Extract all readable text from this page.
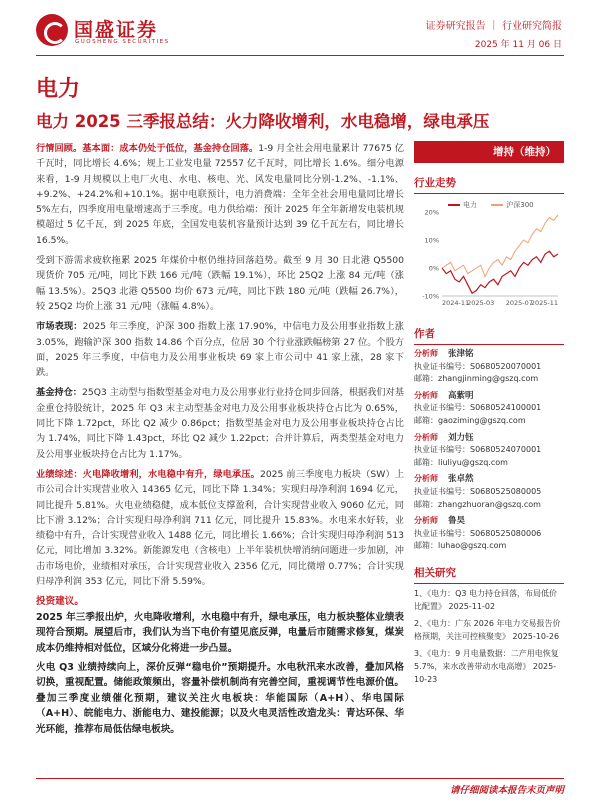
国盛证券
GUOSHENG SECURITIES
证券研究报告 ｜ 行业研究简报
2025 年 11 月 06 日
电力
电力 2025 三季报总结：火力降收增利，水电稳增，绿电承压

行情回顾。基本面：成本仍处于低位，基金持仓回落。1-9 月全社会用电量累计 77675 亿千瓦时，同比增长 4.6%；规上工业发电量 72557 亿千瓦时，同比增长 1.6%。细分电源来看，1-9 月规模以上电厂火电、水电、核电、光、风发电量同比分别-1.2%、-1.1%、+9.2%、+24.2%和+10.1%。据中电联预计，电力消费端：全年全社会用电量同比增长 5%左右，四季度用电量增速高于三季度。电力供给端：预计 2025 年全年新增发电装机规模超过 5 亿千瓦，到 2025 年底，全国发电装机容量预计达到 39 亿千瓦左右，同比增长 16.5%。

受到下游需求疲软拖累 2025 年煤价中枢仍维持回落趋势。截至 9 月 30 日北港 Q5500 现货价 705 元/吨，同比下跌 166 元/吨（跌幅 19.1%），环比 25Q2 上涨 84 元/吨（涨幅 13.5%）。25Q3 北港 Q5500 均价 673 元/吨，同比下跌 180 元/吨（跌幅 26.7%），较 25Q2 均价上涨 31 元/吨（涨幅 4.8%）。

市场表现：2025 年三季度，沪深 300 指数上涨 17.90%，中信电力及公用事业指数上涨 3.05%，跑输沪深 300 指数 14.86 个百分点，位居 30 个行业涨跌幅榜第 27 位。个股方面，2025 年三季度，中信电力及公用事业板块 69 家上市公司中 41 家上涨，28 家下跌。

基金持仓：25Q3 主动型与指数型基金对电力及公用事业行业持仓同步回落，根据我们对基金重仓持股统计，2025 年 Q3 末主动型基金对电力及公用事业板块持仓占比为 0.65%，同比下降 1.72pct，环比 Q2 减少 0.86pct；指数型基金对电力及公用事业板块持仓占比为 1.74%，同比下降 1.43pct，环比 Q2 减少 1.22pct；合并计算后，两类型基金对电力及公用事业板块持仓占比为 1.17%。

业绩综述：火电降收增利，水电稳中有升，绿电承压。2025 前三季度电力板块（SW）上市公司合计实现营业收入 14365 亿元，同比下降 1.34%；实现归母净利润 1694 亿元，同比提升 5.81%。火电业绩稳健，成本低位支撑盈利，合计实现营业收入 9060 亿元，同比下滑 3.12%；合计实现归母净利润 711 亿元，同比提升 15.83%。水电来水好转，业绩稳中有升，合计实现营业收入 1488 亿元，同比增长 1.66%；合计实现归母净利润 513 亿元，同比增加 3.32%。新能源发电（含核电）上半年装机快增消纳问题进一步加剧，冲击市场电价，业绩相对承压，合计实现营业收入 2356 亿元，同比微增 0.77%；合计实现归母净利润 353 亿元，同比下滑 5.59%。

投资建议。
2025 年三季报出炉，火电降收增利，水电稳中有升，绿电承压，电力板块整体业绩表现符合预期。展望后市，我们认为当下电价有望见底反弹，电量后市随需求修复，煤炭成本仍维持相对低位，区域分化将进一步凸显。

火电 Q3 业绩持续向上，深价反弹“稳电价”预期提升。水电秋汛来水改善，叠加风格切换，重视配置。储能政策频出，容量补偿机制尚有完善空间，重视调节性电源价值。叠加三季度业绩催化预期，建议关注火电板块：华能国际（A+H）、华电国际（A+H）、皖能电力、浙能电力、建投能源；以及火电灵活性改造龙头：青达环保、华光环能，推荐布局低估绿电板块。

增持（维持）
行业走势
电力	沪深300
20%
10%
0%
-10%
2024-11
2025-03 2025-07
2025-11
作者
分析师 张津铭
执业证书编号：S0680520070001
邮箱：zhangjinming@gszq.com
分析师 高紫明
执业证书编号：S0680524100001
邮箱：gaoziming@gszq.com
分析师 刘力钰
执业证书编号：S0680524070001
邮箱：liuliyu@gszq.com
分析师 张卓然
执业证书编号：S0680525080005
邮箱：zhangzhuoran@gszq.com
分析师 鲁昊
执业证书编号：S0680525080006
邮箱：luhao@gszq.com
相关研究
1、《电力：Q3 电力持仓回落，布局低价比配置》 2025-11-02
2、《电力：广东 2026 年电力交易报告价格预期，关注可控核聚变》 2025-10-26
3、《电力：9 月电量数据：二产用电恢复 5.7%，来水改善带动水电高增》 2025-10-23
请仔细阅读本报告末页声明
